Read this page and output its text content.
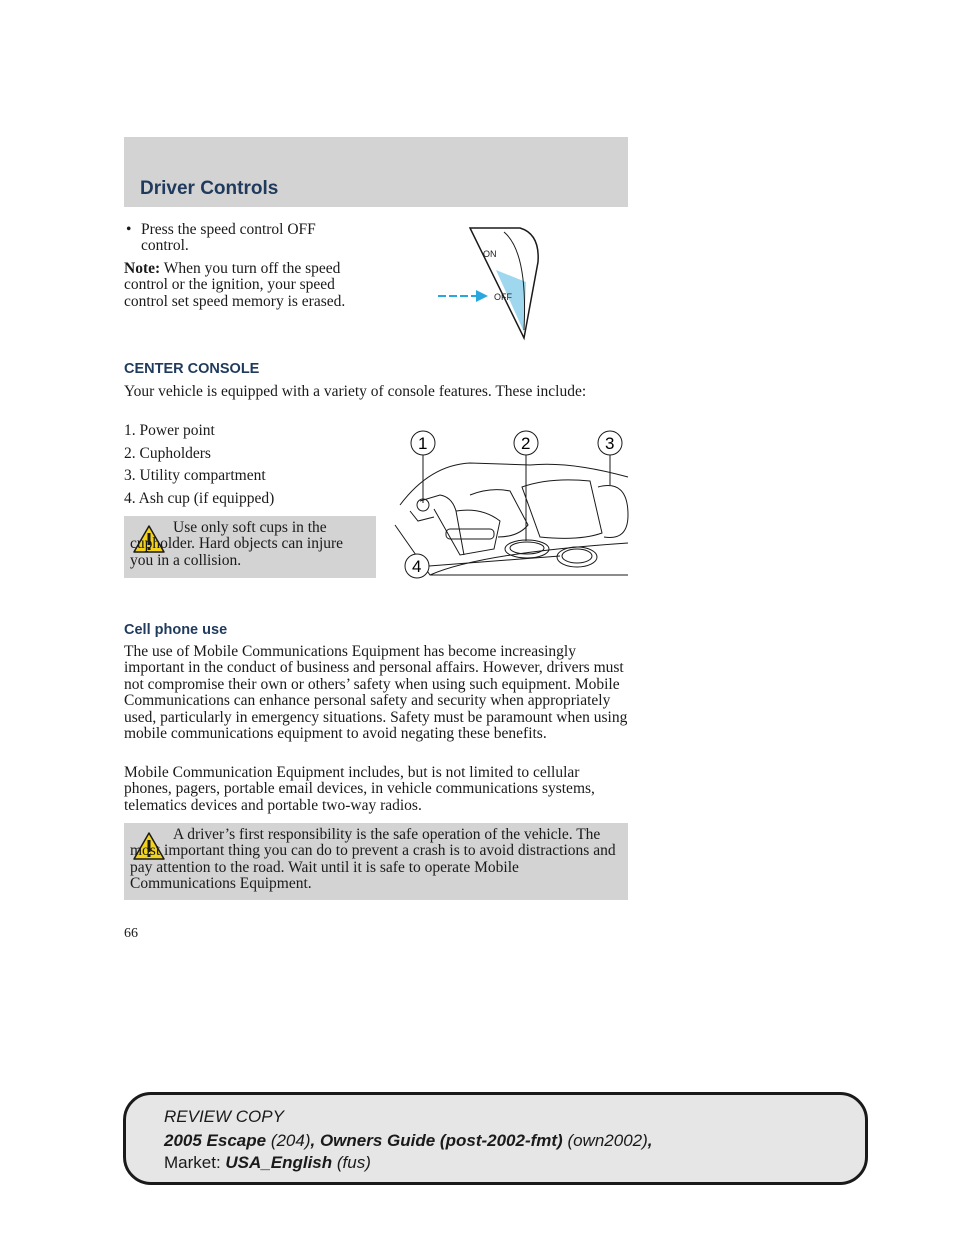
Driver Controls
• Press the speed control OFF control.

Note: When you turn off the speed control or the ignition, your speed control set speed memory is erased.

ON
OFF
CENTER CONSOLE

Your vehicle is equipped with a variety of console features. These include:

1. Power point
2. Cupholders
3. Utility compartment
4. Ash cup (if equipped)

Use only soft cups in the cupholder. Hard objects can injure you in a collision.

1	2	3
4
Cell phone use

The use of Mobile Communications Equipment has become increasingly important in the conduct of business and personal affairs. However, drivers must not compromise their own or others’ safety when using such equipment. Mobile Communications can enhance personal safety and security when appropriately used, particularly in emergency situations. Safety must be paramount when using mobile communications equipment to avoid negating these benefits.

Mobile Communication Equipment includes, but is not limited to cellular phones, pagers, portable email devices, in vehicle communications systems, telematics devices and portable two-way radios.

A driver’s first responsibility is the safe operation of the vehicle. The most important thing you can do to prevent a crash is to avoid distractions and pay attention to the road. Wait until it is safe to operate Mobile Communications Equipment.

66
REVIEW COPY
2005 Escape (204), Owners Guide (post-2002-fmt) (own2002),
Market: USA_English (fus)
